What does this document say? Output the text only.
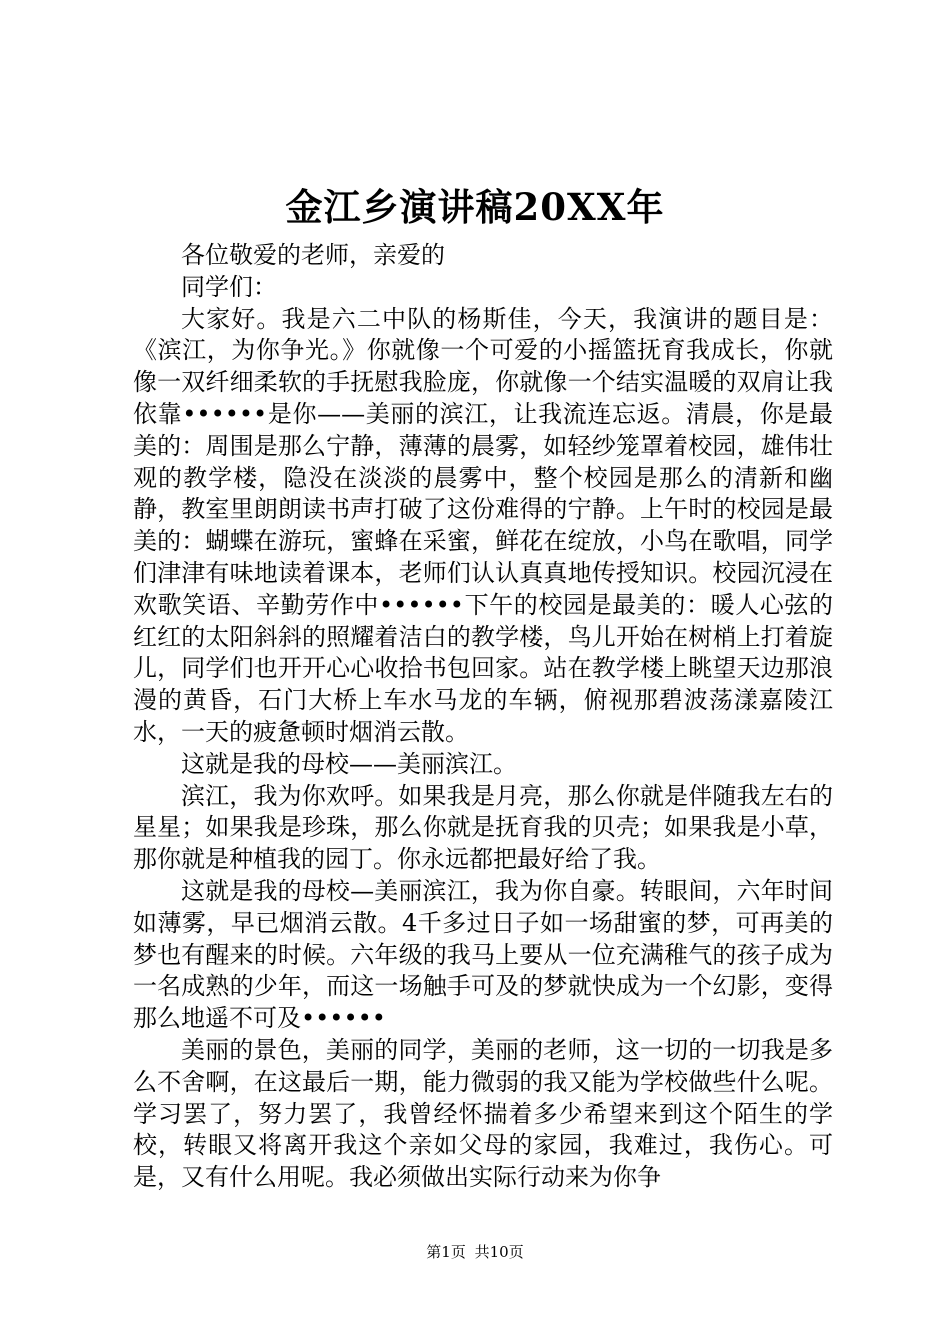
金江乡演讲稿20XX年

各位敬爱的老师，亲爱的

同学们：

大家好。我是六二中队的杨斯佳，今天，我演讲的题目是：《滨江，为你争光。》你就像一个可爱的小摇篮抚育我成长，你就像一双纤细柔软的手抚慰我脸庞，你就像一个结实温暖的双肩让我依靠••••••是你——美丽的滨江，让我流连忘返。清晨，你是最美的：周围是那么宁静，薄薄的晨雾，如轻纱笼罩着校园，雄伟壮观的教学楼，隐没在淡淡的晨雾中，整个校园是那么的清新和幽静，教室里朗朗读书声打破了这份难得的宁静。上午时的校园是最美的：蝴蝶在游玩，蜜蜂在采蜜，鲜花在绽放，小鸟在歌唱，同学们津津有味地读着课本，老师们认认真真地传授知识。校园沉浸在欢歌笑语、辛勤劳作中••••••下午的校园是最美的：暖人心弦的红红的太阳斜斜的照耀着洁白的教学楼，鸟儿开始在树梢上打着旋儿，同学们也开开心心收拾书包回家。站在教学楼上眺望天边那浪漫的黄昏，石门大桥上车水马龙的车辆，俯视那碧波荡漾嘉陵江水，一天的疲惫顿时烟消云散。

这就是我的母校——美丽滨江。

滨江，我为你欢呼。如果我是月亮，那么你就是伴随我左右的星星；如果我是珍珠，那么你就是抚育我的贝壳；如果我是小草，那你就是种植我的园丁。你永远都把最好给了我。

这就是我的母校—美丽滨江，我为你自豪。转眼间，六年时间如薄雾，早已烟消云散。4千多过日子如一场甜蜜的梦，可再美的梦也有醒来的时候。六年级的我马上要从一位充满稚气的孩子成为一名成熟的少年，而这一场触手可及的梦就快成为一个幻影，变得那么地遥不可及••••••

美丽的景色，美丽的同学，美丽的老师，这一切的一切我是多么不舍啊，在这最后一期，能力微弱的我又能为学校做些什么呢。学习罢了，努力罢了，我曾经怀揣着多少希望来到这个陌生的学校，转眼又将离开我这个亲如父母的家园，我难过，我伤心。可是，又有什么用呢。我必须做出实际行动来为你争

第1页 共10页
